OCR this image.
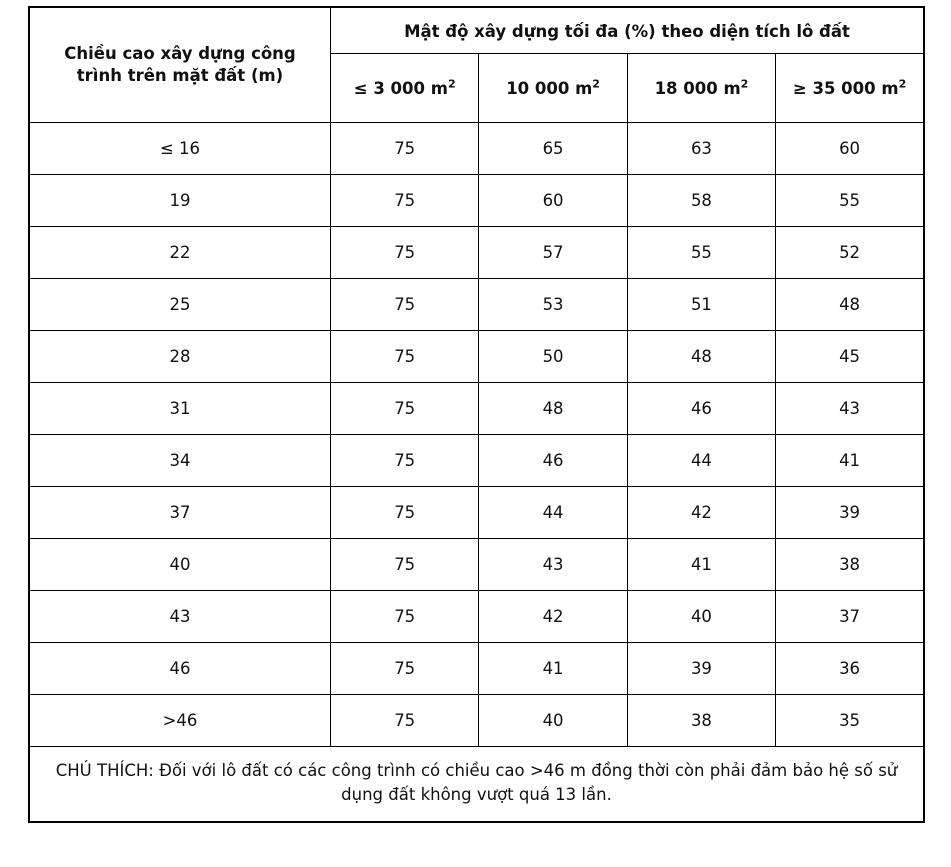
Chiều cao xây dựng công trình trên mặt đất (m)	Mật độ xây dựng tối đa (%) theo diện tích lô đất			
	≤ 3 000 $m^2$	10 000 $m^2$	18 000 $m^2$	≥ 35 000 $m^2$
≤ 16	75	65	63	60
19	75	60	58	55
22	75	57	55	52
25	75	53	51	48
28	75	50	48	45
31	75	48	46	43
34	75	46	44	41
37	75	44	42	39
40	75	43	41	38
43	75	42	40	37
46	75	41	39	36
>46	75	40	38	35
CHÚ THÍCH: Đối với lô đất có các công trình có chiều cao >46 m đồng thời còn phải đảm bảo hệ số sử dụng đất không vượt quá 13 lần.				
